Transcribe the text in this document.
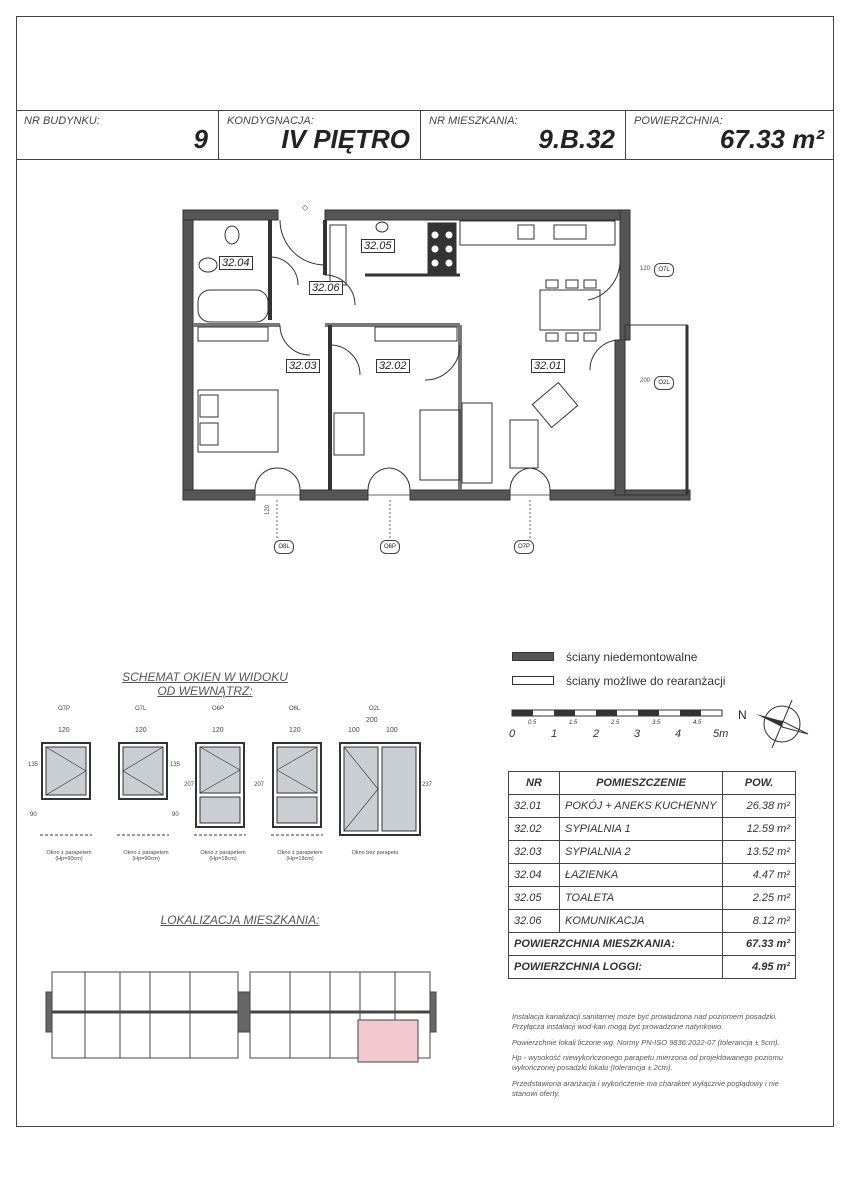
NR BUDYNKU:
9
KONDYGNACJA:
IV PIĘTRO
NR MIESZKANIA:
9.B.32
POWIERZCHNIA:
67.33 m²
◇
32.04
32.05
32.06
32.03	32.02	32.01
120
O8L	O6P	O7P
O7L
O2L
120
200
ściany niedemontowalne
ściany możliwe do rearanżacji
0	1	2	3	4	5m
0.5	1.5	2.5	3.5	4.5
N
SCHEMAT OKIEN W WIDOKU
OD WEWNĄTRZ:
O7P	O7L	O6P	O6L	O2L
120	120	120	120
200
100	100
135
90
135
90
207	207	237
Okno z parapetem (Hp=90cm)
Okno z parapetem (Hp=90cm)
Okno z parapetem (Hp=18cm)
Okno z parapetem (Hp=18cm)
Okno bez parapetu
LOKALIZACJA MIESZKANIA:
NR	POMIESZCZENIE	POW.
32.01	POKÓJ + ANEKS KUCHENNY	26.38 m²
32.02	SYPIALNIA 1	12.59 m²
32.03	SYPIALNIA 2	13.52 m²
32.04	ŁAZIENKA	4.47 m²
32.05	TOALETA	2.25 m²
32.06	KOMUNIKACJA	8.12 m²
POWIERZCHNIA MIESZKANIA:		67.33 m²
POWIERZCHNIA LOGGI:		4.95 m²

Instalacja kanalizacji sanitarnej może być prowadzona nad poziomem posadzki. Przyłącza instalacji wod-kan mogą być prowadzone natynkowo.

Powierzchnie lokali liczone wg. Normy PN-ISO 9836:2022-07 (tolerancja ± 5cm).

Hp - wysokość niewykończonego parapetu mierzona od projektowanego poziomu wykończonej posadzki lokalu (tolerancja ± 2cm).

Przedstawiona aranżacja i wykończenie ma charakter wyłącznie poglądowy i nie stanowi oferty.
